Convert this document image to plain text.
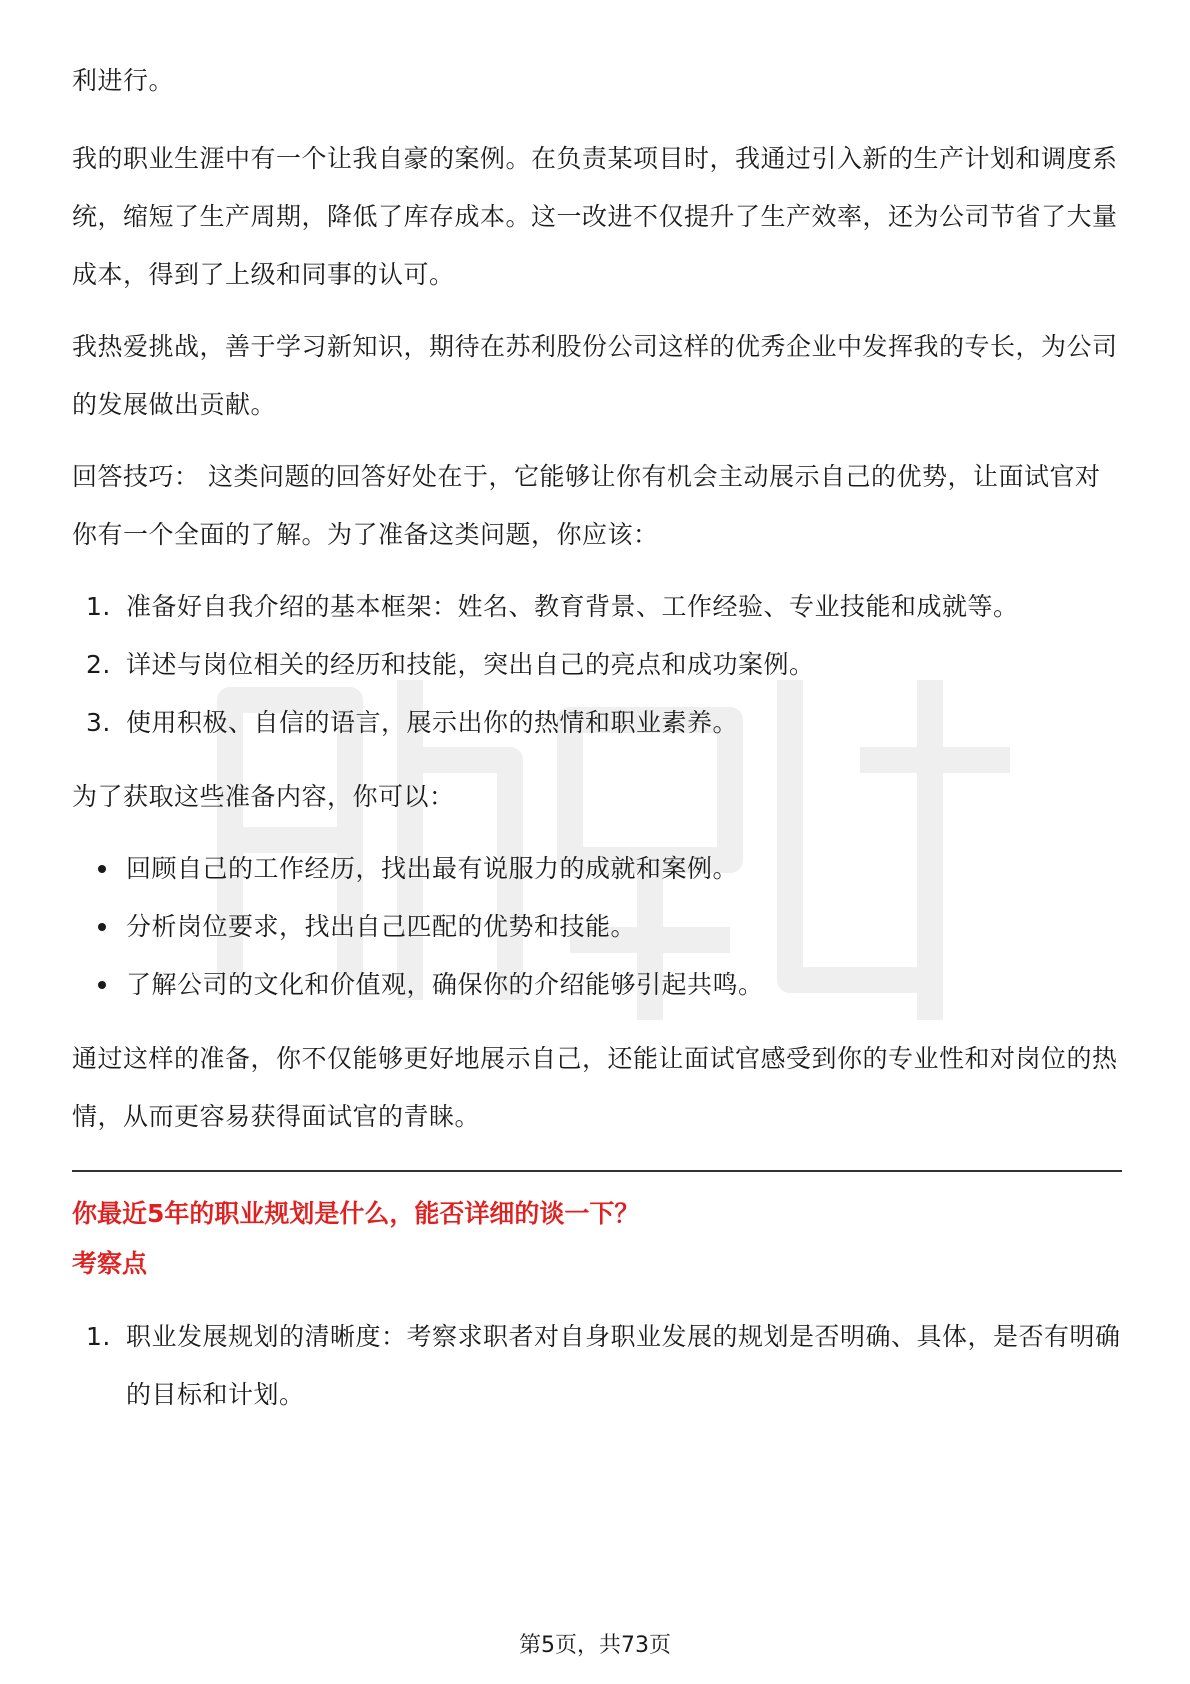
利进行。

我的职业生涯中有一个让我自豪的案例。在负责某项目时，我通过引入新的生产计划和调度系统，缩短了生产周期，降低了库存成本。这一改进不仅提升了生产效率，还为公司节省了大量成本，得到了上级和同事的认可。

我热爱挑战，善于学习新知识，期待在苏利股份公司这样的优秀企业中发挥我的专长，为公司的发展做出贡献。

回答技巧： 这类问题的回答好处在于，它能够让你有机会主动展示自己的优势，让面试官对你有一个全面的了解。为了准备这类问题，你应该：

1. 准备好自我介绍的基本框架：姓名、教育背景、工作经验、专业技能和成就等。
2. 详述与岗位相关的经历和技能，突出自己的亮点和成功案例。
3. 使用积极、自信的语言，展示出你的热情和职业素养。

为了获取这些准备内容，你可以：

回顾自己的工作经历，找出最有说服力的成就和案例。
分析岗位要求，找出自己匹配的优势和技能。
了解公司的文化和价值观，确保你的介绍能够引起共鸣。

通过这样的准备，你不仅能够更好地展示自己，还能让面试官感受到你的专业性和对岗位的热情，从而更容易获得面试官的青睐。

你最近5年的职业规划是什么，能否详细的谈一下？
考察点
1. 职业发展规划的清晰度：考察求职者对自身职业发展的规划是否明确、具体，是否有明确的目标和计划。
第5页，共73页
